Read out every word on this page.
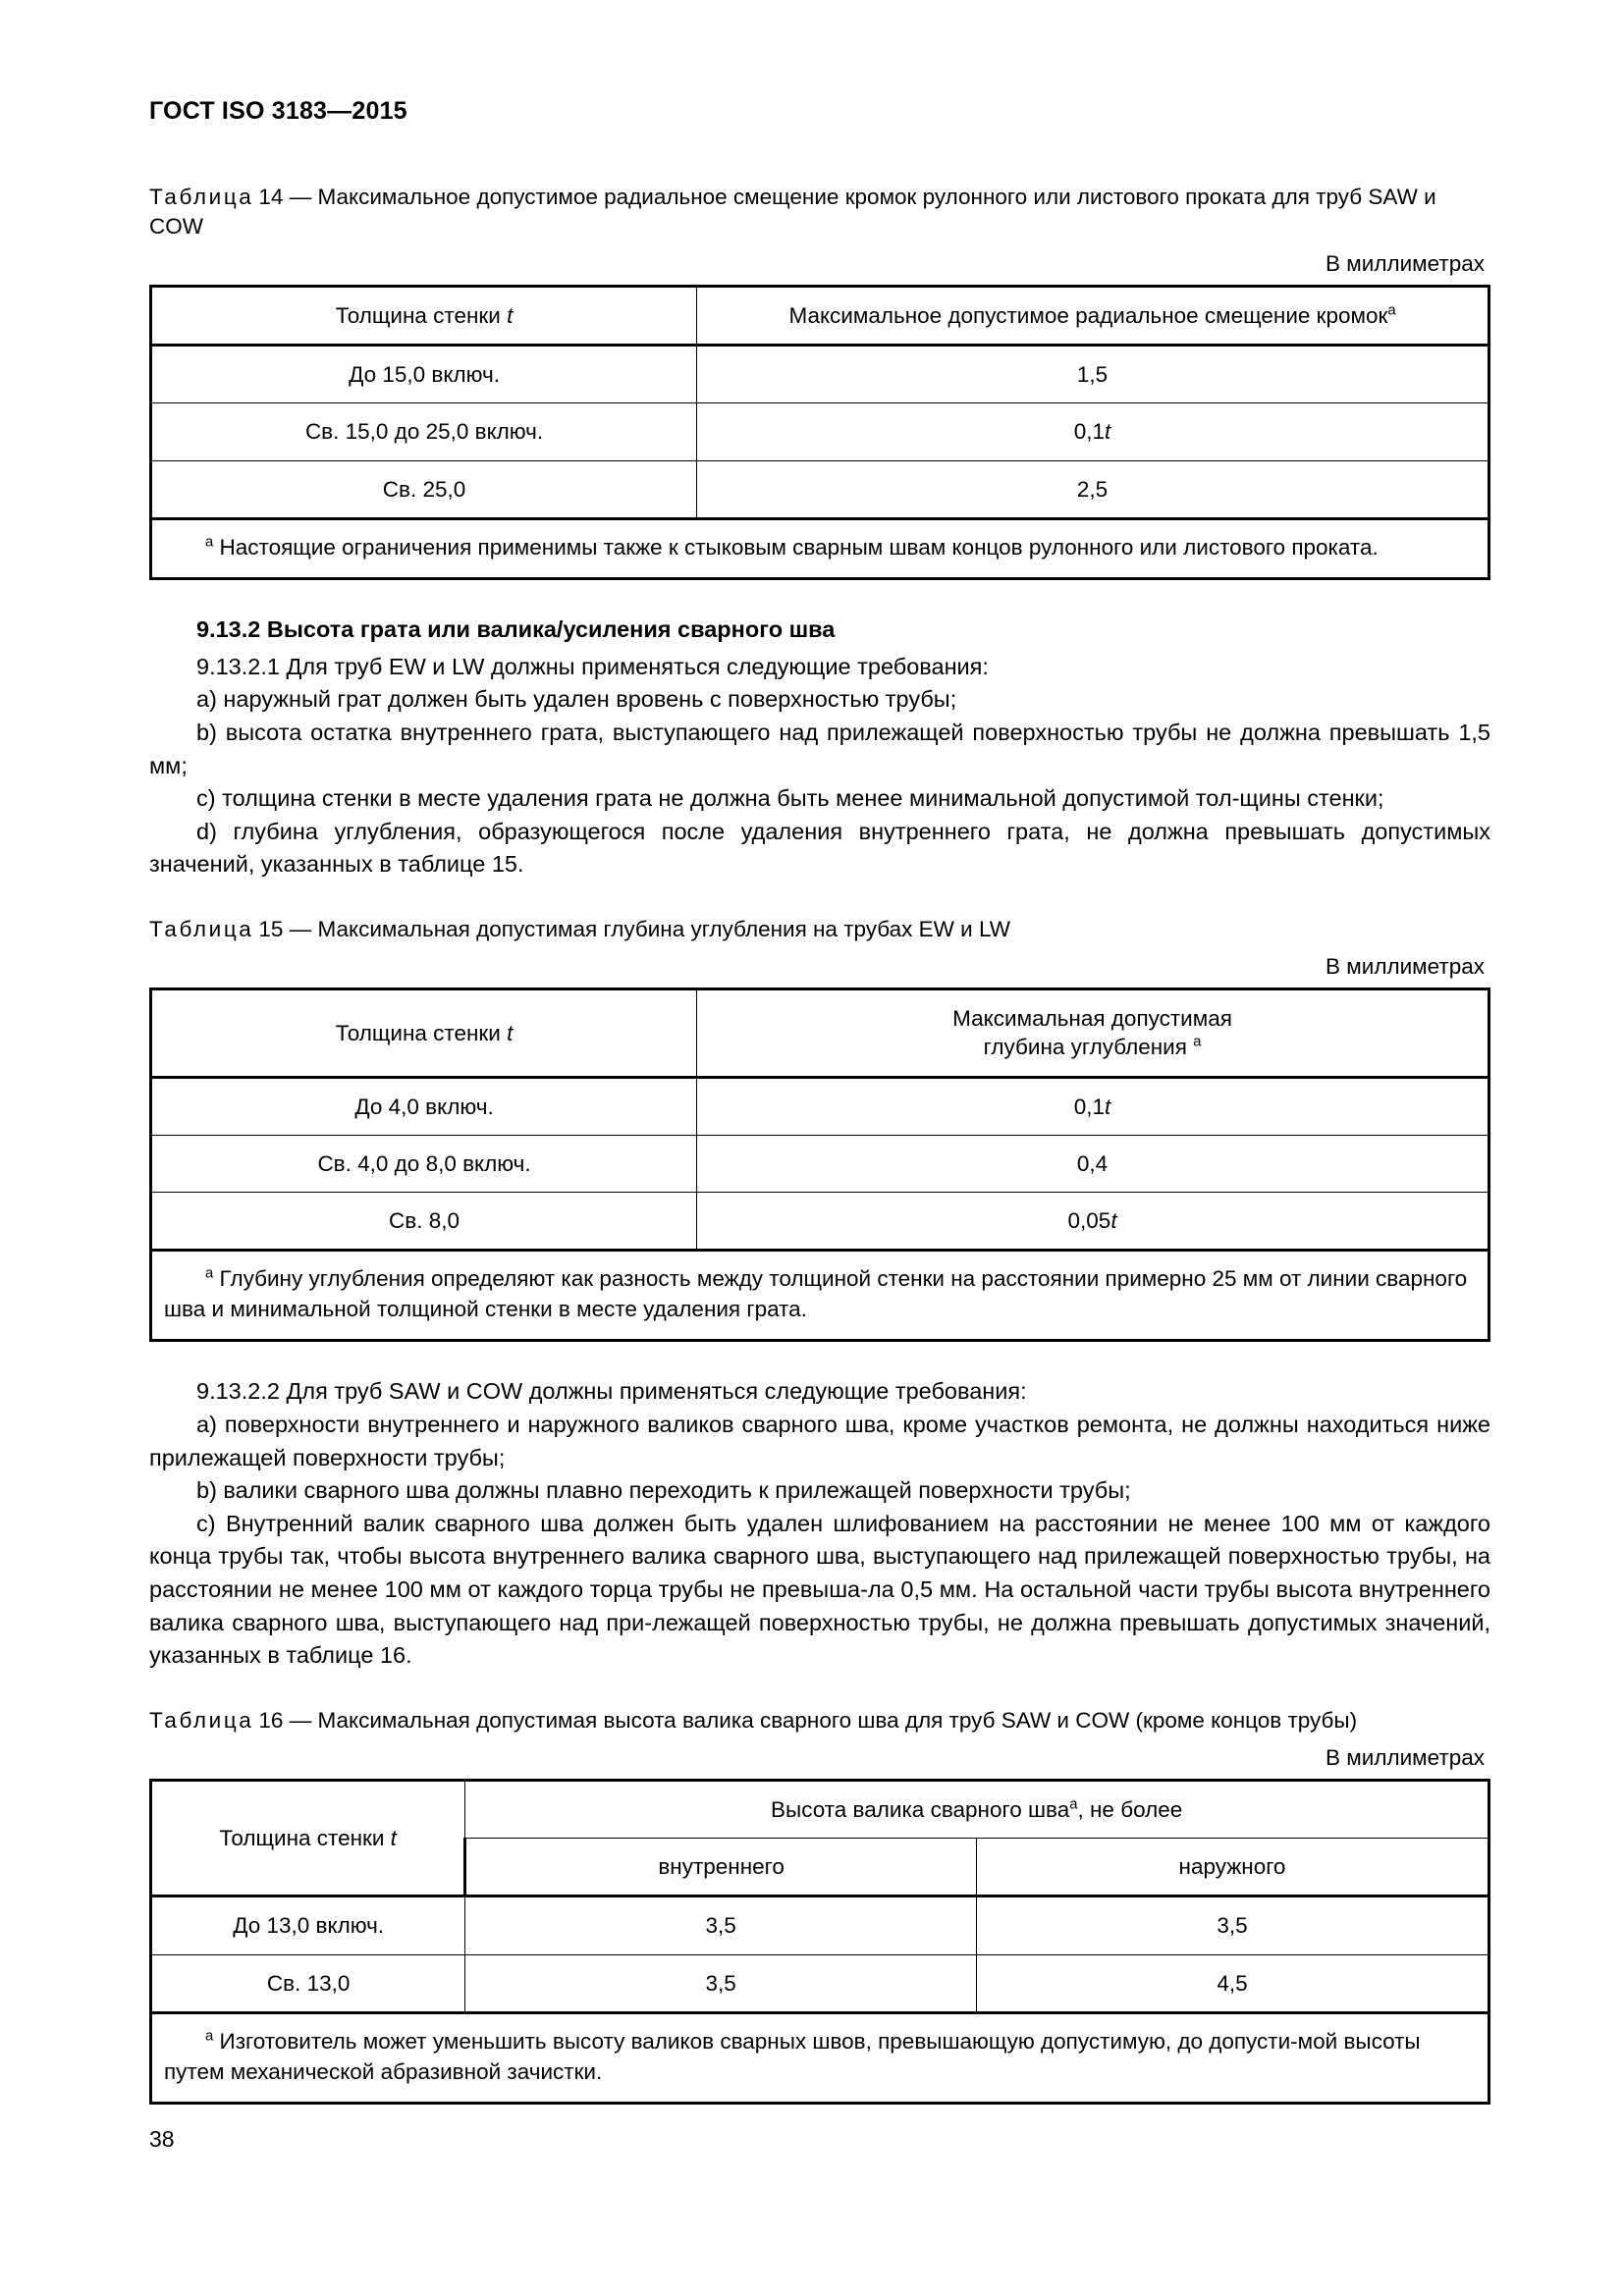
ГОСТ ISO 3183—2015

Таблица 14 — Максимальное допустимое радиальное смещение кромок рулонного или листового проката для труб SAW и COW

В миллиметрах

Толщина стенки t	Максимальное допустимое радиальное смещение кромок$^a$
До 15,0 включ.	1,5
Св. 15,0 до 25,0 включ.	0,1t
Св. 25,0	2,5
$^a$ Настоящие ограничения применимы также к стыковым сварным швам концов рулонного или листового проката.	
9.13.2 Высота грата или валика/усиления сварного шва

9.13.2.1 Для труб EW и LW должны применяться следующие требования:

a) наружный грат должен быть удален вровень с поверхностью трубы;

b) высота остатка внутреннего грата, выступающего над прилежащей поверхностью трубы не должна превышать 1,5 мм;

c) толщина стенки в месте удаления грата не должна быть менее минимальной допустимой тол-щины стенки;

d) глубина углубления, образующегося после удаления внутреннего грата, не должна превышать допустимых значений, указанных в таблице 15.

Таблица 15 — Максимальная допустимая глубина углубления на трубах EW и LW

В миллиметрах

Толщина стенки t	Максимальная допустимая
глубина углубления $^a$
До 4,0 включ.	0,1t
Св. 4,0 до 8,0 включ.	0,4
Св. 8,0	0,05t
$^a$ Глубину углубления определяют как разность между толщиной стенки на расстоянии примерно 25 мм от линии сварного шва и минимальной толщиной стенки в месте удаления грата.	

9.13.2.2 Для труб SAW и COW должны применяться следующие требования:

a) поверхности внутреннего и наружного валиков сварного шва, кроме участков ремонта, не должны находиться ниже прилежащей поверхности трубы;

b) валики сварного шва должны плавно переходить к прилежащей поверхности трубы;

c) Внутренний валик сварного шва должен быть удален шлифованием на расстоянии не менее 100 мм от каждого конца трубы так, чтобы высота внутреннего валика сварного шва, выступающего над прилежащей поверхностью трубы, на расстоянии не менее 100 мм от каждого торца трубы не превыша-ла 0,5 мм. На остальной части трубы высота внутреннего валика сварного шва, выступающего над при-лежащей поверхностью трубы, не должна превышать допустимых значений, указанных в таблице 16.

Таблица 16 — Максимальная допустимая высота валика сварного шва для труб SAW и COW (кроме концов трубы)

В миллиметрах

Толщина стенки t	Высота валика сварного шва$^a$, не более	
	внутреннего	наружного
До 13,0 включ.	3,5	3,5
Св. 13,0	3,5	4,5
$^a$ Изготовитель может уменьшить высоту валиков сварных швов, превышающую допустимую, до допусти-мой высоты путем механической абразивной зачистки.		
38
